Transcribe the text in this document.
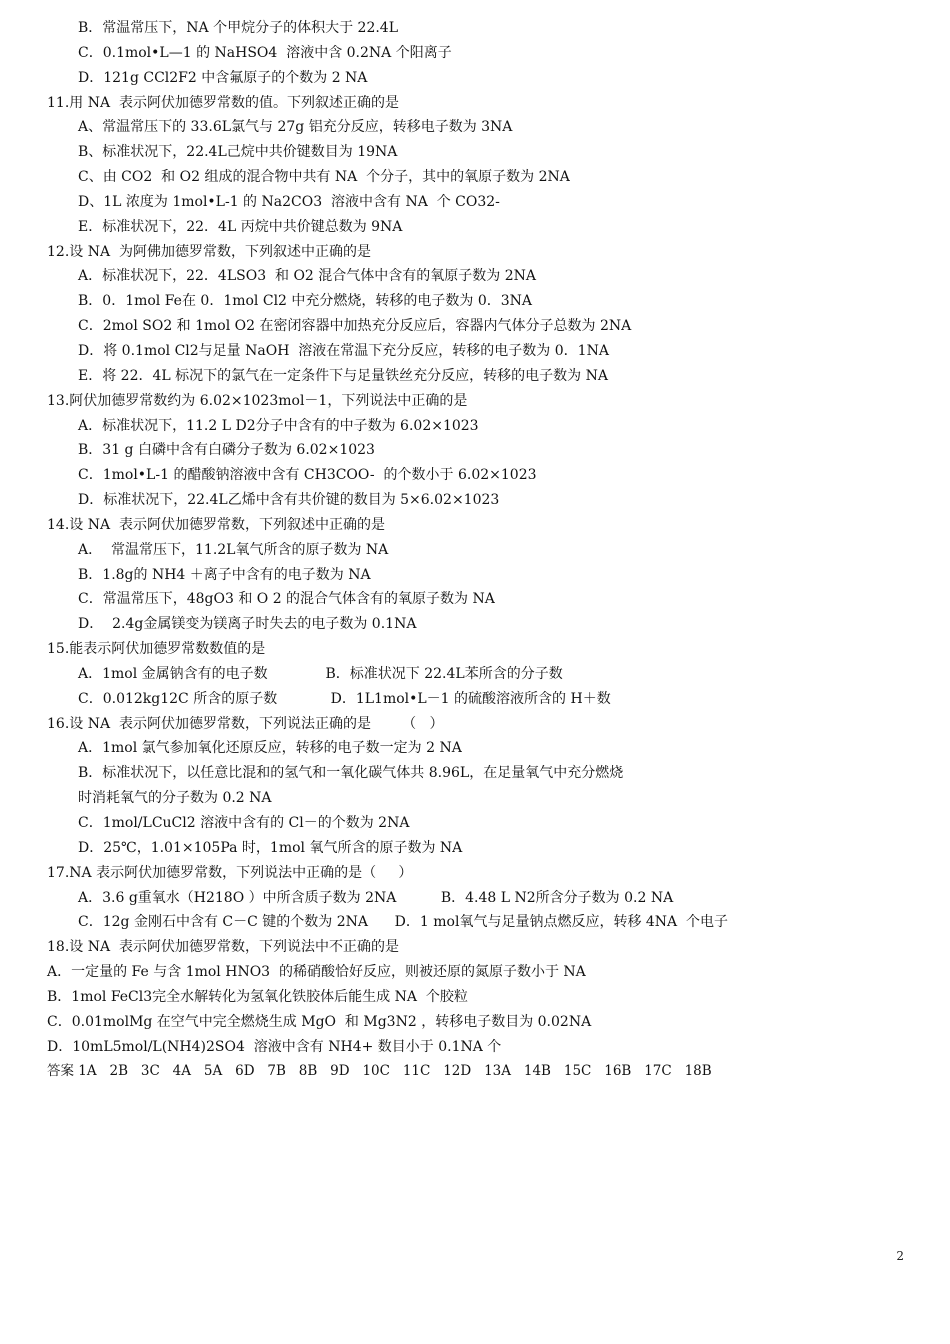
B．常温常压下，NA 个甲烷分子的体积大于 22.4L
C．0.1mol•L—1 的 NaHSO4  溶液中含 0.2NA 个阳离子
D．121g CCl2F2 中含氟原子的个数为 2 NA
11.用 NA  表示阿伏加德罗常数的值。下列叙述正确的是
A、常温常压下的 33.6L氯气与 27g 铝充分反应，转移电子数为 3NA
B、标准状况下，22.4L己烷中共价键数目为 19NA
C、由 CO2  和 O2 组成的混合物中共有 NA  个分子，其中的氧原子数为 2NA
D、1L 浓度为 1mol•L-1 的 Na2CO3  溶液中含有 NA  个 CO32-
E．标准状况下，22．4L 丙烷中共价键总数为 9NA
12.设 NA  为阿佛加德罗常数，下列叙述中正确的是
A．标准状况下，22．4LSO3  和 O2 混合气体中含有的氧原子数为 2NA
B．0．1mol Fe在 0．1mol Cl2 中充分燃烧，转移的电子数为 0．3NA
C．2mol SO2 和 1mol O2 在密闭容器中加热充分反应后，容器内气体分子总数为 2NA
D．将 0.1mol Cl2与足量 NaOH  溶液在常温下充分反应，转移的电子数为 0．1NA
E．将 22．4L 标况下的氯气在一定条件下与足量铁丝充分反应，转移的电子数为 NA
13.阿伏加德罗常数约为 6.02×1023mol－1，下列说法中正确的是
A．标准状况下，11.2 L D2分子中含有的中子数为 6.02×1023
B．31 g 白磷中含有白磷分子数为 6.02×1023
C．1mol•L-1 的醋酸钠溶液中含有 CH3COO-  的个数小于 6.02×1023
D．标准状况下，22.4L乙烯中含有共价键的数目为 5×6.02×1023
14.设 NA  表示阿伏加德罗常数，下列叙述中正确的是
A．  常温常压下，11.2L氧气所含的原子数为 NA
B．1.8g的 NH4 ＋离子中含有的电子数为 NA
C．常温常压下，48gO3 和 O 2 的混合气体含有的氧原子数为 NA
D．  2.4g金属镁变为镁离子时失去的电子数为 0.1NA
15.能表示阿伏加德罗常数数值的是
A．1mol 金属钠含有的电子数             B．标准状况下 22.4L苯所含的分子数
C．0.012kg12C 所含的原子数            D．1L1mol•L－1 的硫酸溶液所含的 H＋数
16.设 NA  表示阿伏加德罗常数，下列说法正确的是       （   ）
A．1mol 氯气参加氧化还原反应，转移的电子数一定为 2 NA
B．标准状况下，以任意比混和的氢气和一氧化碳气体共 8.96L，在足量氧气中充分燃烧
时消耗氧气的分子数为 0.2 NA
C．1mol/LCuCl2 溶液中含有的 Cl－的个数为 2NA
D．25℃，1.01×105Pa 时，1mol 氧气所含的原子数为 NA
17.NA 表示阿伏加德罗常数，下列说法中正确的是（     ）
A．3.6 g重氧水（H218O ）中所含质子数为 2NA          B．4.48 L N2所含分子数为 0.2 NA
C．12g 金刚石中含有 C－C 键的个数为 2NA      D．1 mol氧气与足量钠点燃反应，转移 4NA  个电子
18.设 NA  表示阿伏加德罗常数，下列说法中不正确的是
A．一定量的 Fe 与含 1mol HNO3  的稀硝酸恰好反应，则被还原的氮原子数小于 NA
B．1mol FeCl3完全水解转化为氢氧化铁胶体后能生成 NA  个胶粒
C．0.01molMg 在空气中完全燃烧生成 MgO  和 Mg3N2 ，转移电子数目为 0.02NA
D．10mL5mol/L(NH4)2SO4  溶液中含有 NH4+ 数目小于 0.1NA 个
答案 1A   2B   3C   4A   5A   6D   7B   8B   9D   10C   11C   12D   13A   14B   15C   16B   17C   18B
2
